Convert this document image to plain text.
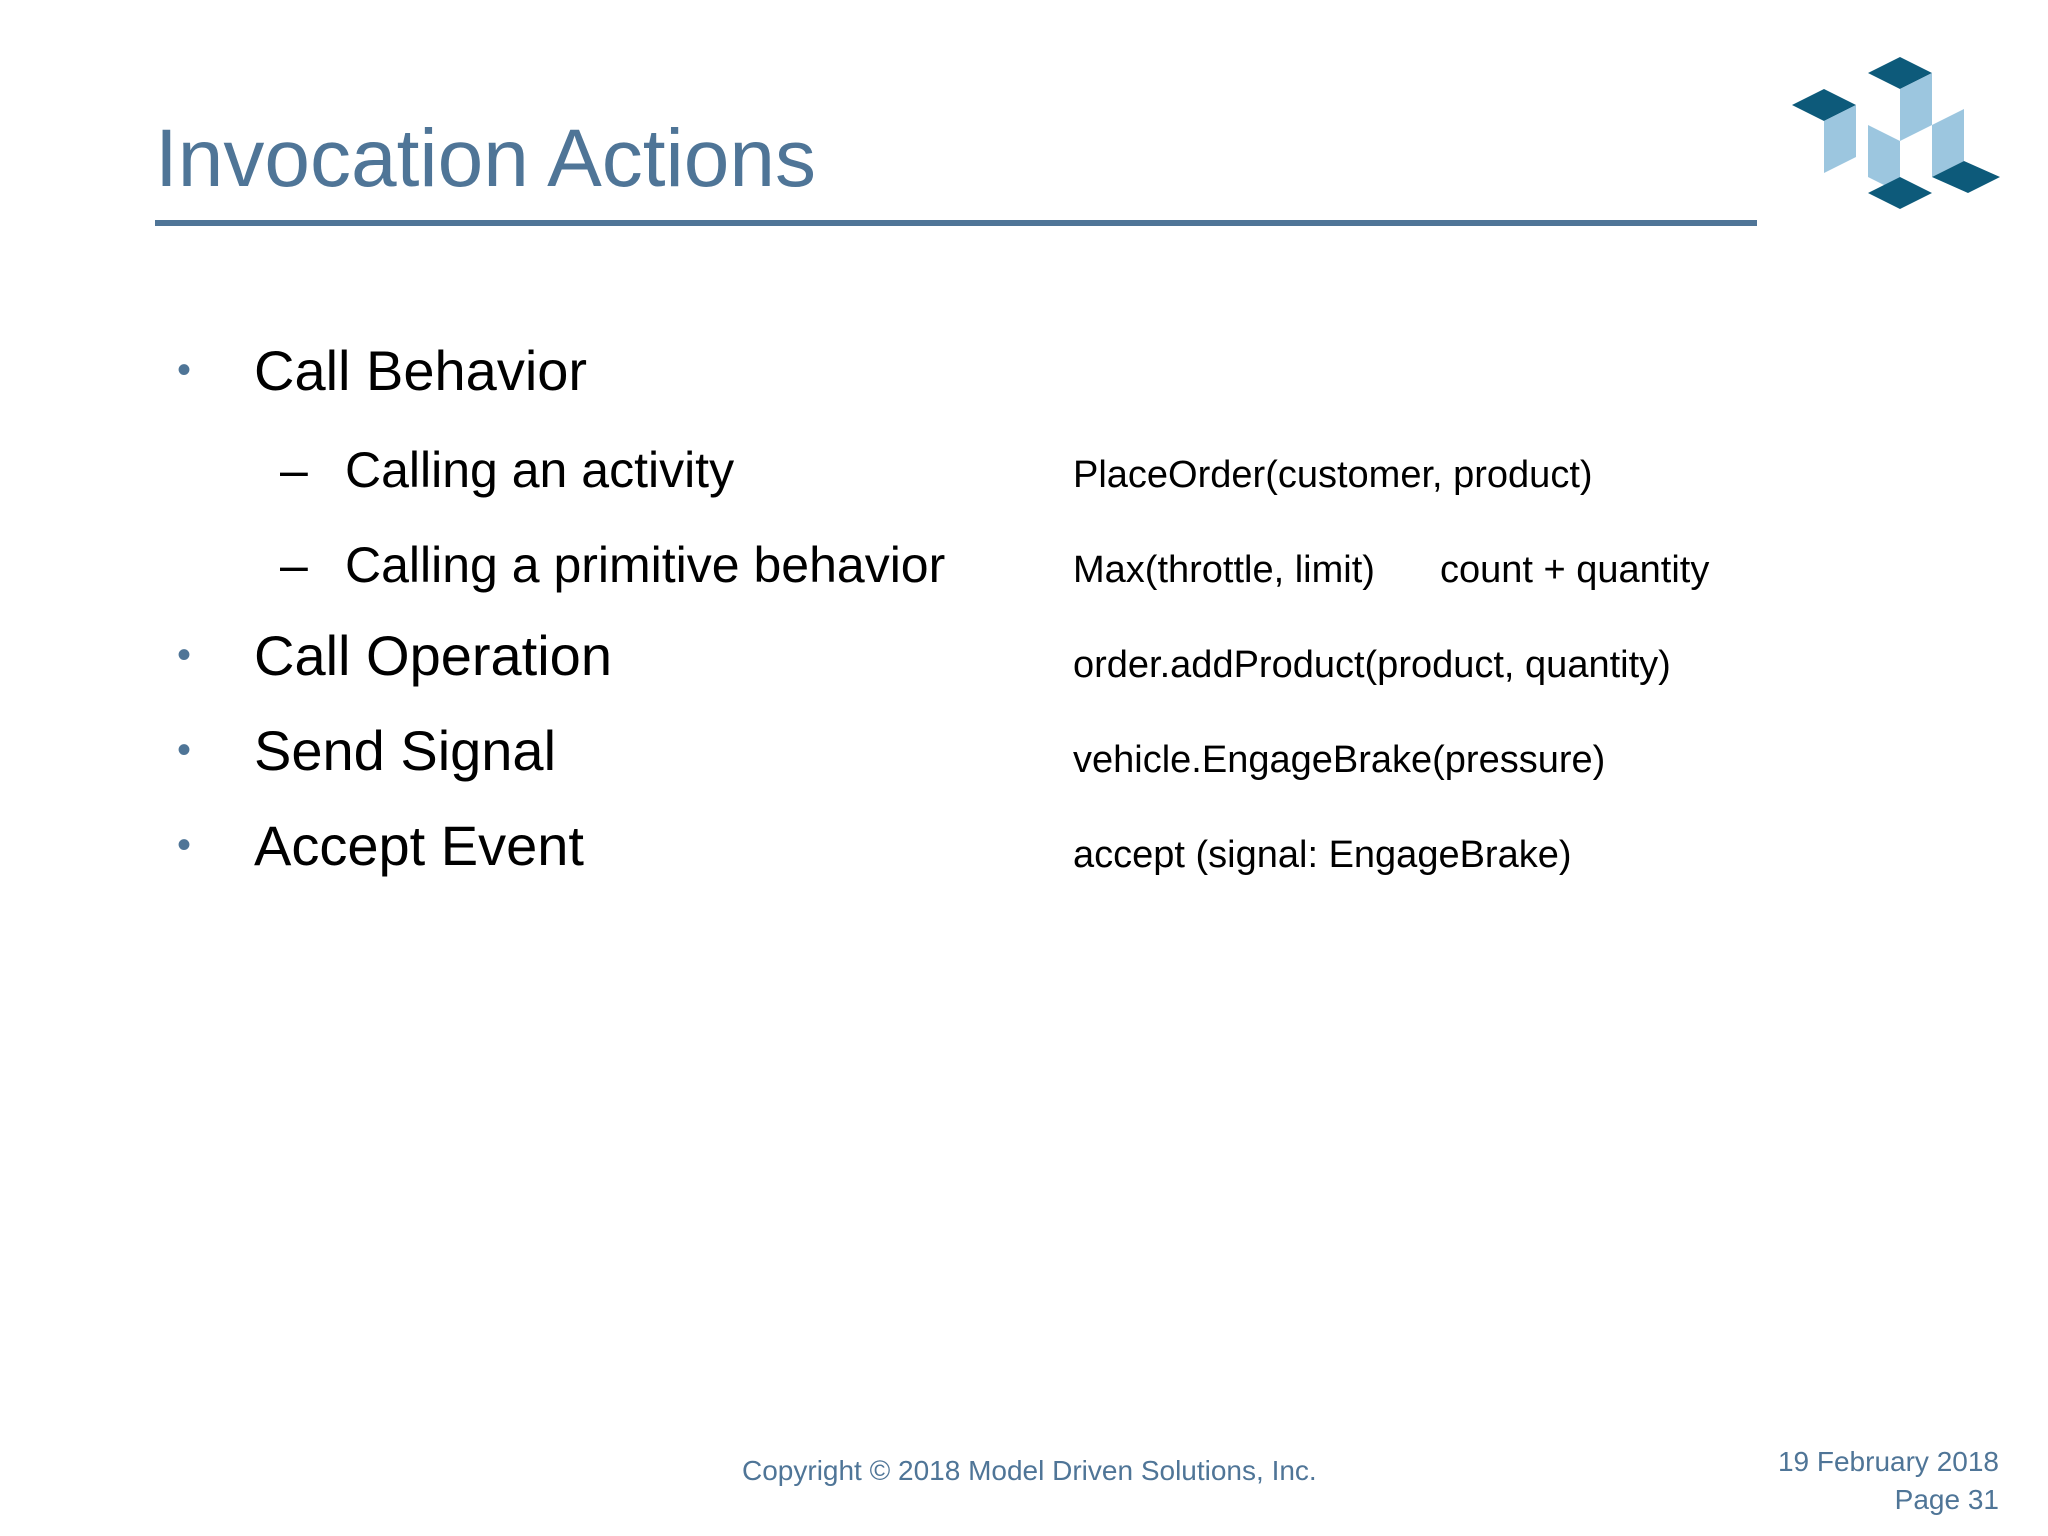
Invocation Actions
• Call Behavior
– Calling an activity	PlaceOrder(customer, product)
– Calling a primitive behavior	Max(throttle, limit) count + quantity
• Call Operation	order.addProduct(product, quantity)
• Send Signal	vehicle.EngageBrake(pressure)
• Accept Event	accept (signal: EngageBrake)
Copyright © 2018 Model Driven Solutions, Inc.	19 February 2018
Page 31
